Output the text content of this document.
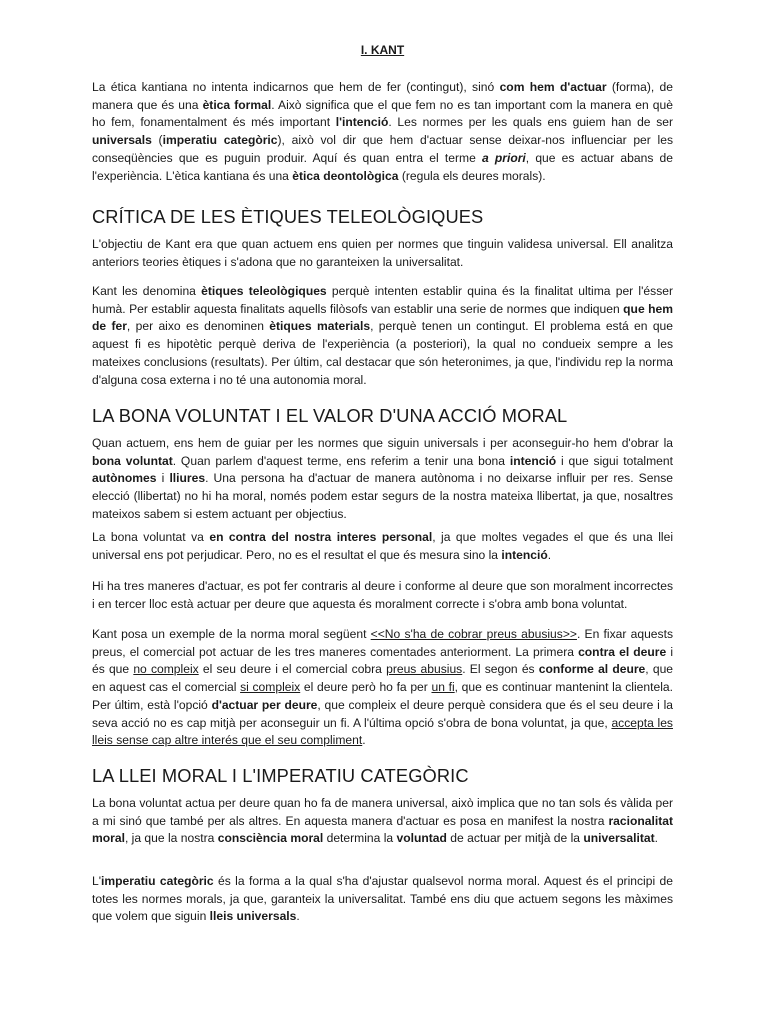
I. KANT

La ética kantiana no intenta indicarnos que hem de fer (contingut), sinó com hem d'actuar (forma), de manera que és una ètica formal. Això significa que el que fem no es tan important com la manera en què ho fem, fonamentalment és més important l'intenció. Les normes per les quals ens guiem han de ser universals (imperatiu categòric), això vol dir que hem d'actuar sense deixar-nos influenciar per les conseqüències que es puguin produir. Aquí és quan entra el terme a priori, que es actuar abans de l'experiència. L'ètica kantiana és una ètica deontològica (regula els deures morals).

CRÍTICA DE LES ÈTIQUES TELEOLÒGIQUES

L'objectiu de Kant era que quan actuem ens quien per normes que tinguin validesa universal. Ell analitza anteriors teories ètiques i s'adona que no garanteixen la universalitat.

Kant les denomina ètiques teleològiques perquè intenten establir quina és la finalitat ultima per l'ésser humà. Per establir aquesta finalitats aquells filòsofs van establir una serie de normes que indiquen que hem de fer, per aixo es denominen ètiques materials, perquè tenen un contingut. El problema está en que aquest fi es hipotètic perquè deriva de l'experiència (a posteriori), la qual no condueix sempre a les mateixes conclusions (resultats). Per últim, cal destacar que són heteronimes, ja que, l'individu rep la norma d'alguna cosa externa i no té una autonomia moral.

LA BONA VOLUNTAT I EL VALOR D'UNA ACCIÓ MORAL

Quan actuem, ens hem de guiar per les normes que siguin universals i per aconseguir-ho hem d'obrar la bona voluntat. Quan parlem d'aquest terme, ens referim a tenir una bona intenció i que sigui totalment autònomes i lliures. Una persona ha d'actuar de manera autònoma i no deixarse influir per res. Sense elecció (llibertat) no hi ha moral, només podem estar segurs de la nostra mateixa llibertat, ja que, nosaltres mateixos sabem si estem actuant per objectius.

La bona voluntat va en contra del nostra interes personal, ja que moltes vegades el que és una llei universal ens pot perjudicar. Pero, no es el resultat el que és mesura sino la intenció.

Hi ha tres maneres d'actuar, es pot fer contraris al deure i conforme al deure que son moralment incorrectes i en tercer lloc està actuar per deure que aquesta és moralment correcte i s'obra amb bona voluntat.

Kant posa un exemple de la norma moral següent <<No s'ha de cobrar preus abusius>>. En fixar aquests preus, el comercial pot actuar de les tres maneres comentades anteriorment. La primera contra el deure i és que no compleix el seu deure i el comercial cobra preus abusius. El segon és conforme al deure, que en aquest cas el comercial si compleix el deure però ho fa per un fi, que es continuar mantenint la clientela. Per últim, està l'opció d'actuar per deure, que compleix el deure perquè considera que és el seu deure i la seva acció no es cap mitjà per aconseguir un fi. A l'última opció s'obra de bona voluntat, ja que, accepta les lleis sense cap altre interés que el seu compliment.

LA LLEI MORAL I L'IMPERATIU CATEGÒRIC

La bona voluntat actua per deure quan ho fa de manera universal, això implica que no tan sols és vàlida per a mi sinó que també per als altres. En aquesta manera d'actuar es posa en manifest la nostra racionalitat moral, ja que la nostra consciència moral determina la voluntad de actuar per mitjà de la universalitat.

L'imperatiu categòric és la forma a la qual s'ha d'ajustar qualsevol norma moral. Aquest és el principi de totes les normes morals, ja que, garanteix la universalitat. També ens diu que actuem segons les màximes que volem que siguin lleis universals.
